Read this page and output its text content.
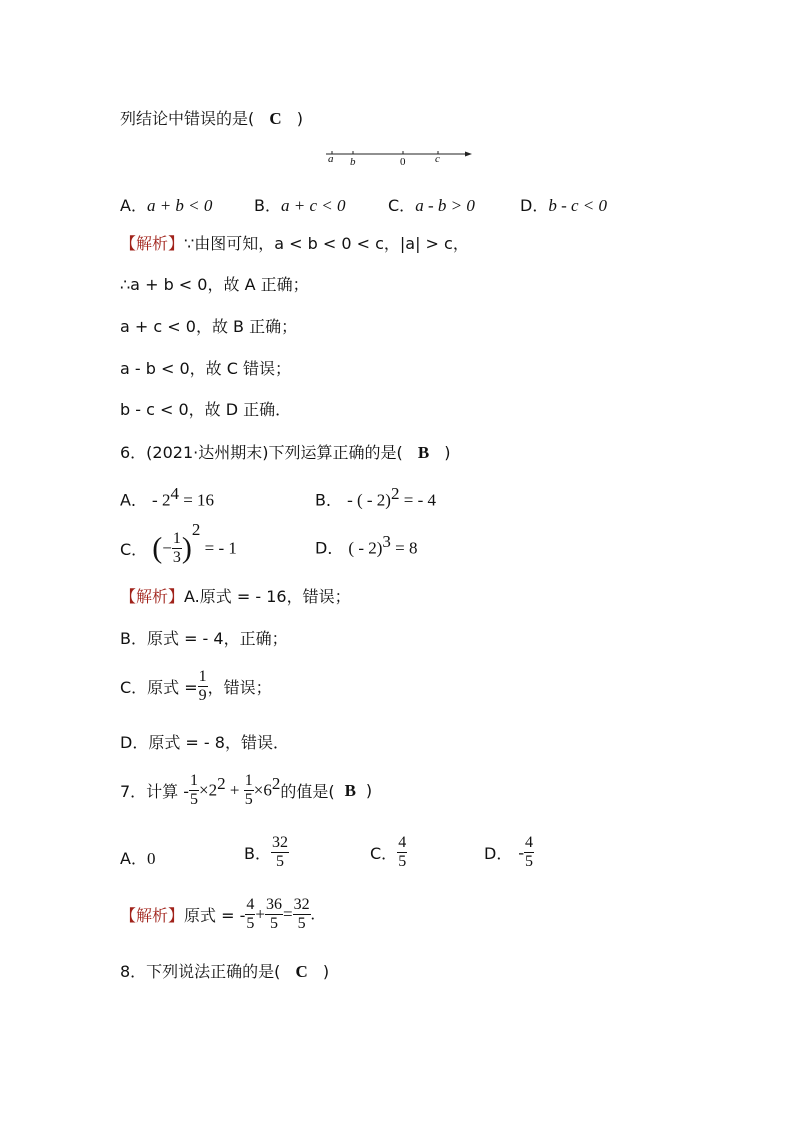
列结论中错误的是( C )
a b	0	c
A．a + b < 0	B．a + c < 0	C．a - b > 0	D．b - c < 0
【解析】∵由图可知，a < b < 0 < c，|a| > c，
∴a + b < 0，故 A 正确；
a + c < 0，故 B 正确；
a - b < 0，故 C 错误；
b - c < 0，故 D 正确．
6．(2021·达州期末)下列运算正确的是( B )
A． - $2^4 = 16$	B． - ( - 2)$^2$ = - 4
C． (− $\frac{1}{3} )^2$ = - 1	D． ( - 2)$^3$ = 8
【解析】A.原式 = - 16，错误；
B．原式 = - 4，正确；
C．原式 = $\frac{1}{9}$ ，错误；
D．原式 = - 8，错误．
7．计算 - $\frac{1}{5} \times 2^2 + \frac{1}{5} \times 6^2$的值是( B )
A．0	B． $\frac{32}{5}$	C． $\frac{4}{5}$	D． - $\frac{4}{5}$
【解析】原式 = - $\frac{4}{5} + \frac{36}{5} = \frac{32}{5}$ .
8．下列说法正确的是( C )
